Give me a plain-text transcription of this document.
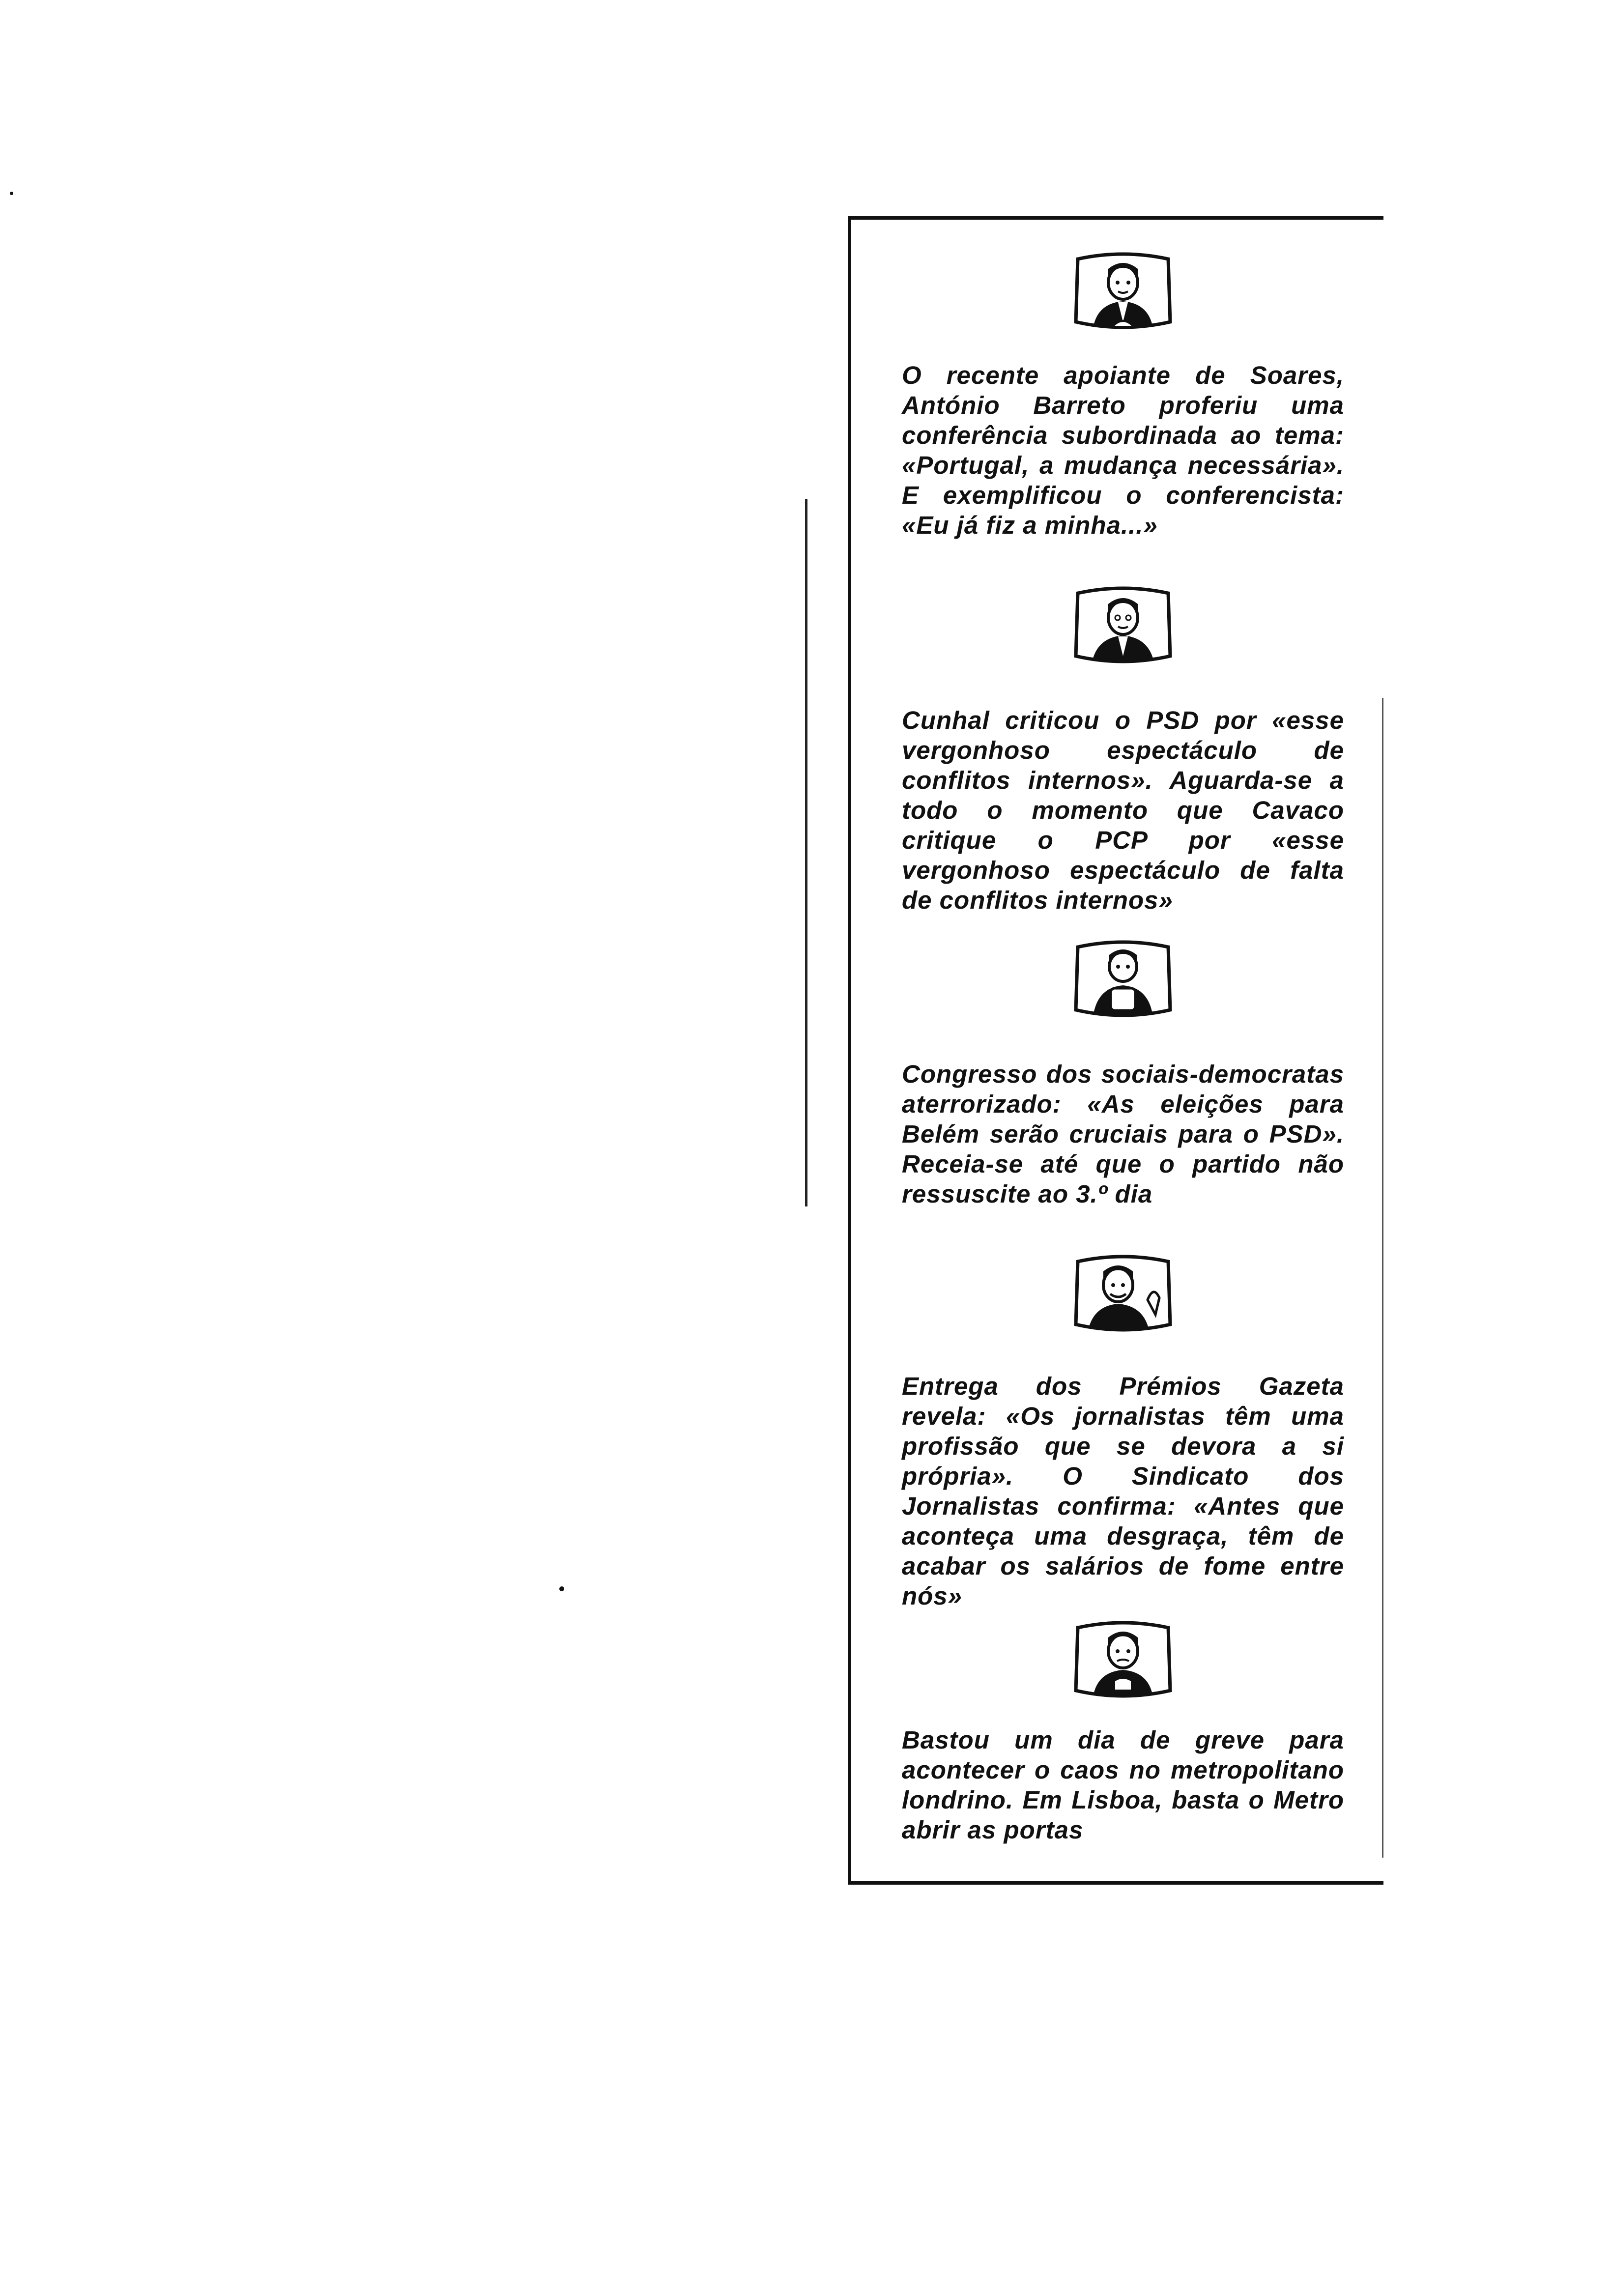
O recente apoiante de Soares, António Barreto proferiu uma conferência subordinada ao tema: «Portugal, a mudança necessária». E exemplificou o conferencista: «Eu já fiz a minha...»

Cunhal criticou o PSD por «esse vergonhoso espectáculo de conflitos internos». Aguarda-se a todo o momento que Cavaco critique o PCP por «esse vergonhoso espectáculo de falta de conflitos internos»

Congresso dos sociais-democratas aterrorizado: «As eleições para Belém serão cruciais para o PSD». Receia-se até que o partido não ressuscite ao 3.º dia

Entrega dos Prémios Gazeta revela: «Os jornalistas têm uma profissão que se devora a si própria». O Sindicato dos Jornalistas confirma: «Antes que aconteça uma desgraça, têm de acabar os salários de fome entre nós»

Bastou um dia de greve para acontecer o caos no metropolitano londrino. Em Lisboa, basta o Metro abrir as portas
